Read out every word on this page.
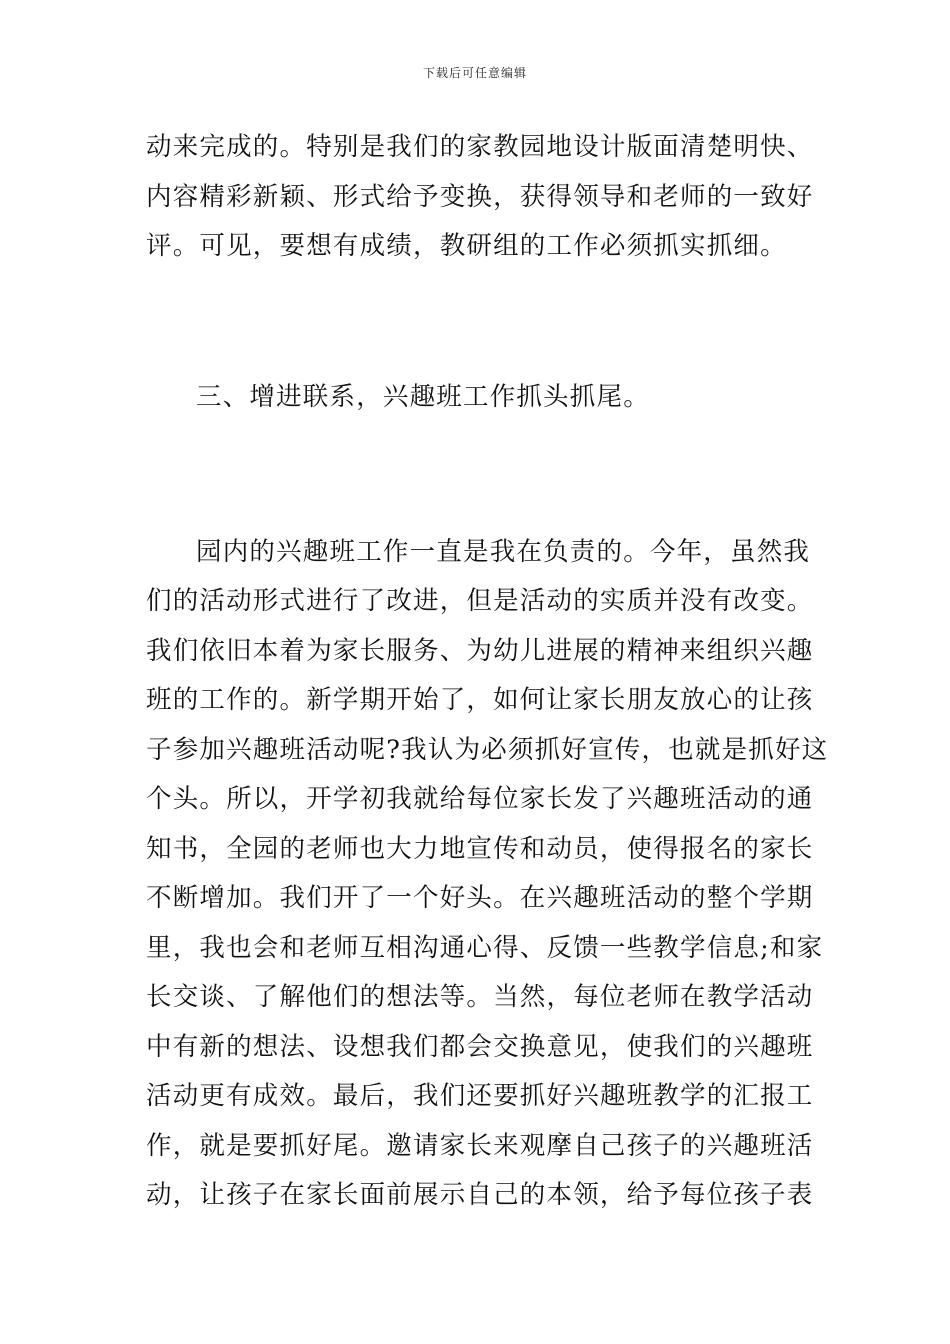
下载后可任意编辑
动来完成的。特别是我们的家教园地设计版面清楚明快、
内容精彩新颖、形式给予变换，获得领导和老师的一致好
评。可见，要想有成绩，教研组的工作必须抓实抓细。
三、增进联系，兴趣班工作抓头抓尾。
园内的兴趣班工作一直是我在负责的。今年，虽然我
们的活动形式进行了改进，但是活动的实质并没有改变。
我们依旧本着为家长服务、为幼儿进展的精神来组织兴趣
班的工作的。新学期开始了，如何让家长朋友放心的让孩
子参加兴趣班活动呢?我认为必须抓好宣传，也就是抓好这
个头。所以，开学初我就给每位家长发了兴趣班活动的通
知书，全园的老师也大力地宣传和动员，使得报名的家长
不断增加。我们开了一个好头。在兴趣班活动的整个学期
里，我也会和老师互相沟通心得、反馈一些教学信息;和家
长交谈、了解他们的想法等。当然，每位老师在教学活动
中有新的想法、设想我们都会交换意见，使我们的兴趣班
活动更有成效。最后，我们还要抓好兴趣班教学的汇报工
作，就是要抓好尾。邀请家长来观摩自己孩子的兴趣班活
动，让孩子在家长面前展示自己的本领，给予每位孩子表
